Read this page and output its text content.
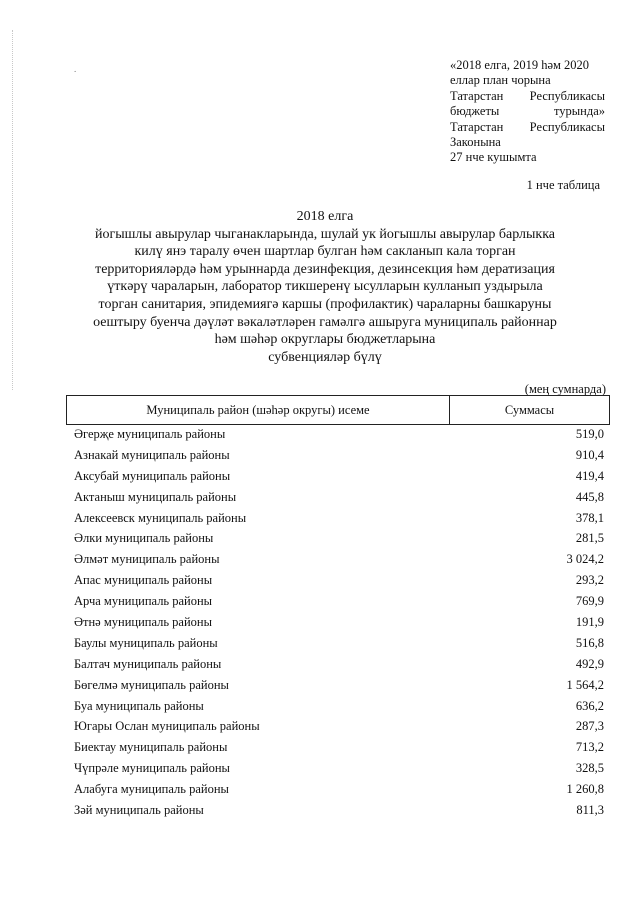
.	«2018 елга, 2019 һәм 2020
еллар план чорына
Татарстан Республикасы
бюджеты	турында»
Татарстан Республикасы
Законына
27 нче кушымта
1 нче таблица
2018 елга
йогышлы авырулар чыганакларында, шулай ук йогышлы авырулар барлыкка
килү янэ таралу өчен шартлар булган һәм сакланып кала торган
территорияләрдә һәм урыннарда дезинфекция, дезинсекция һәм дератизация
үткәрү чараларын, лаборатор тикшеренү ысулларын кулланып уздырыла
торган санитария, эпидемиягә каршы (профилактик) чараларны башкаруны
оештыру буенча дәүләт вәкаләтләрен гамәлгә ашыруга муниципаль районнар
һәм шәһәр округлары бюджетларына
субвенцияләр бүлү
(мең сумнарда)
Муниципаль район (шәһәр округы) исеме	Суммасы
Әгерҗе муниципаль районы	519,0
Азнакай муниципаль районы	910,4
Аксубай муниципаль районы	419,4
Актаныш муниципаль районы	445,8
Алексеевск муниципаль районы	378,1
Әлки муниципаль районы	281,5
Әлмәт муниципаль районы	3 024,2
Апас муниципаль районы	293,2
Арча муниципаль районы	769,9
Әтнә муниципаль районы	191,9
Баулы муниципаль районы	516,8
Балтач муниципаль районы	492,9
Бөгелмә муниципаль районы	1 564,2
Буа муниципаль районы	636,2
Югары Ослан муниципаль районы	287,3
Биектау муниципаль районы	713,2
Чүпрәле муниципаль районы	328,5
Алабуга муниципаль районы	1 260,8
Зәй муниципаль районы	811,3
